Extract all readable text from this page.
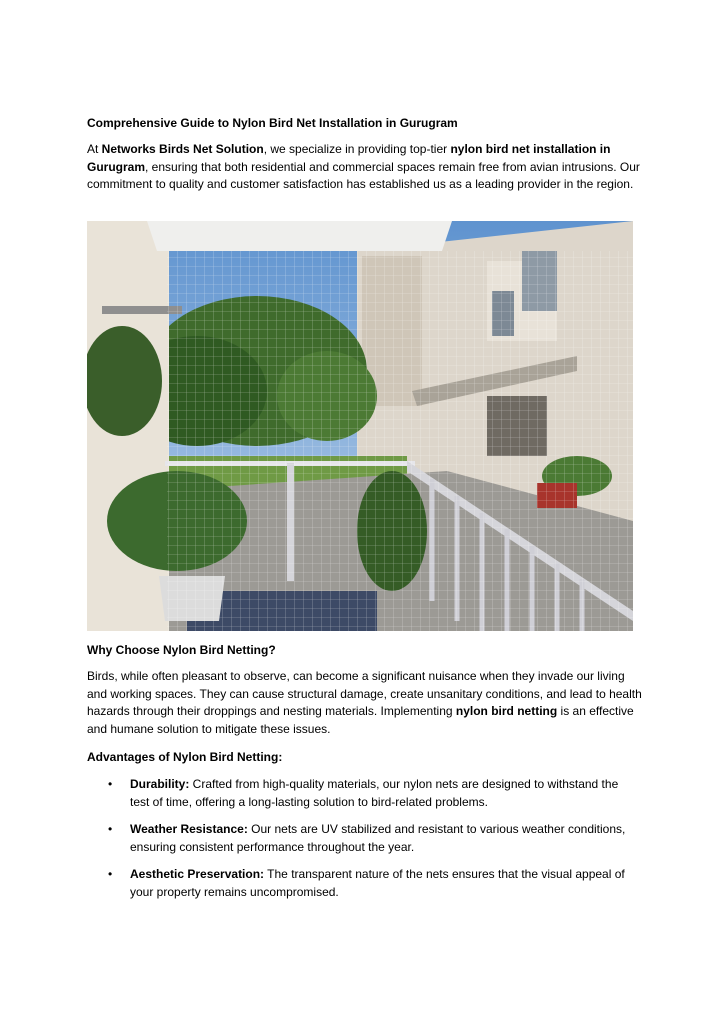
Comprehensive Guide to Nylon Bird Net Installation in Gurugram
At Networks Birds Net Solution, we specialize in providing top-tier nylon bird net installation in Gurugram, ensuring that both residential and commercial spaces remain free from avian intrusions. Our commitment to quality and customer satisfaction has established us as a leading provider in the region.
Why Choose Nylon Bird Netting?
Birds, while often pleasant to observe, can become a significant nuisance when they invade our living and working spaces. They can cause structural damage, create unsanitary conditions, and lead to health hazards through their droppings and nesting materials. Implementing nylon bird netting is an effective and humane solution to mitigate these issues.
Advantages of Nylon Bird Netting:
• Durability: Crafted from high-quality materials, our nylon nets are designed to withstand the test of time, offering a long-lasting solution to bird-related problems.
• Weather Resistance: Our nets are UV stabilized and resistant to various weather conditions, ensuring consistent performance throughout the year.
• Aesthetic Preservation: The transparent nature of the nets ensures that the visual appeal of your property remains uncompromised.
